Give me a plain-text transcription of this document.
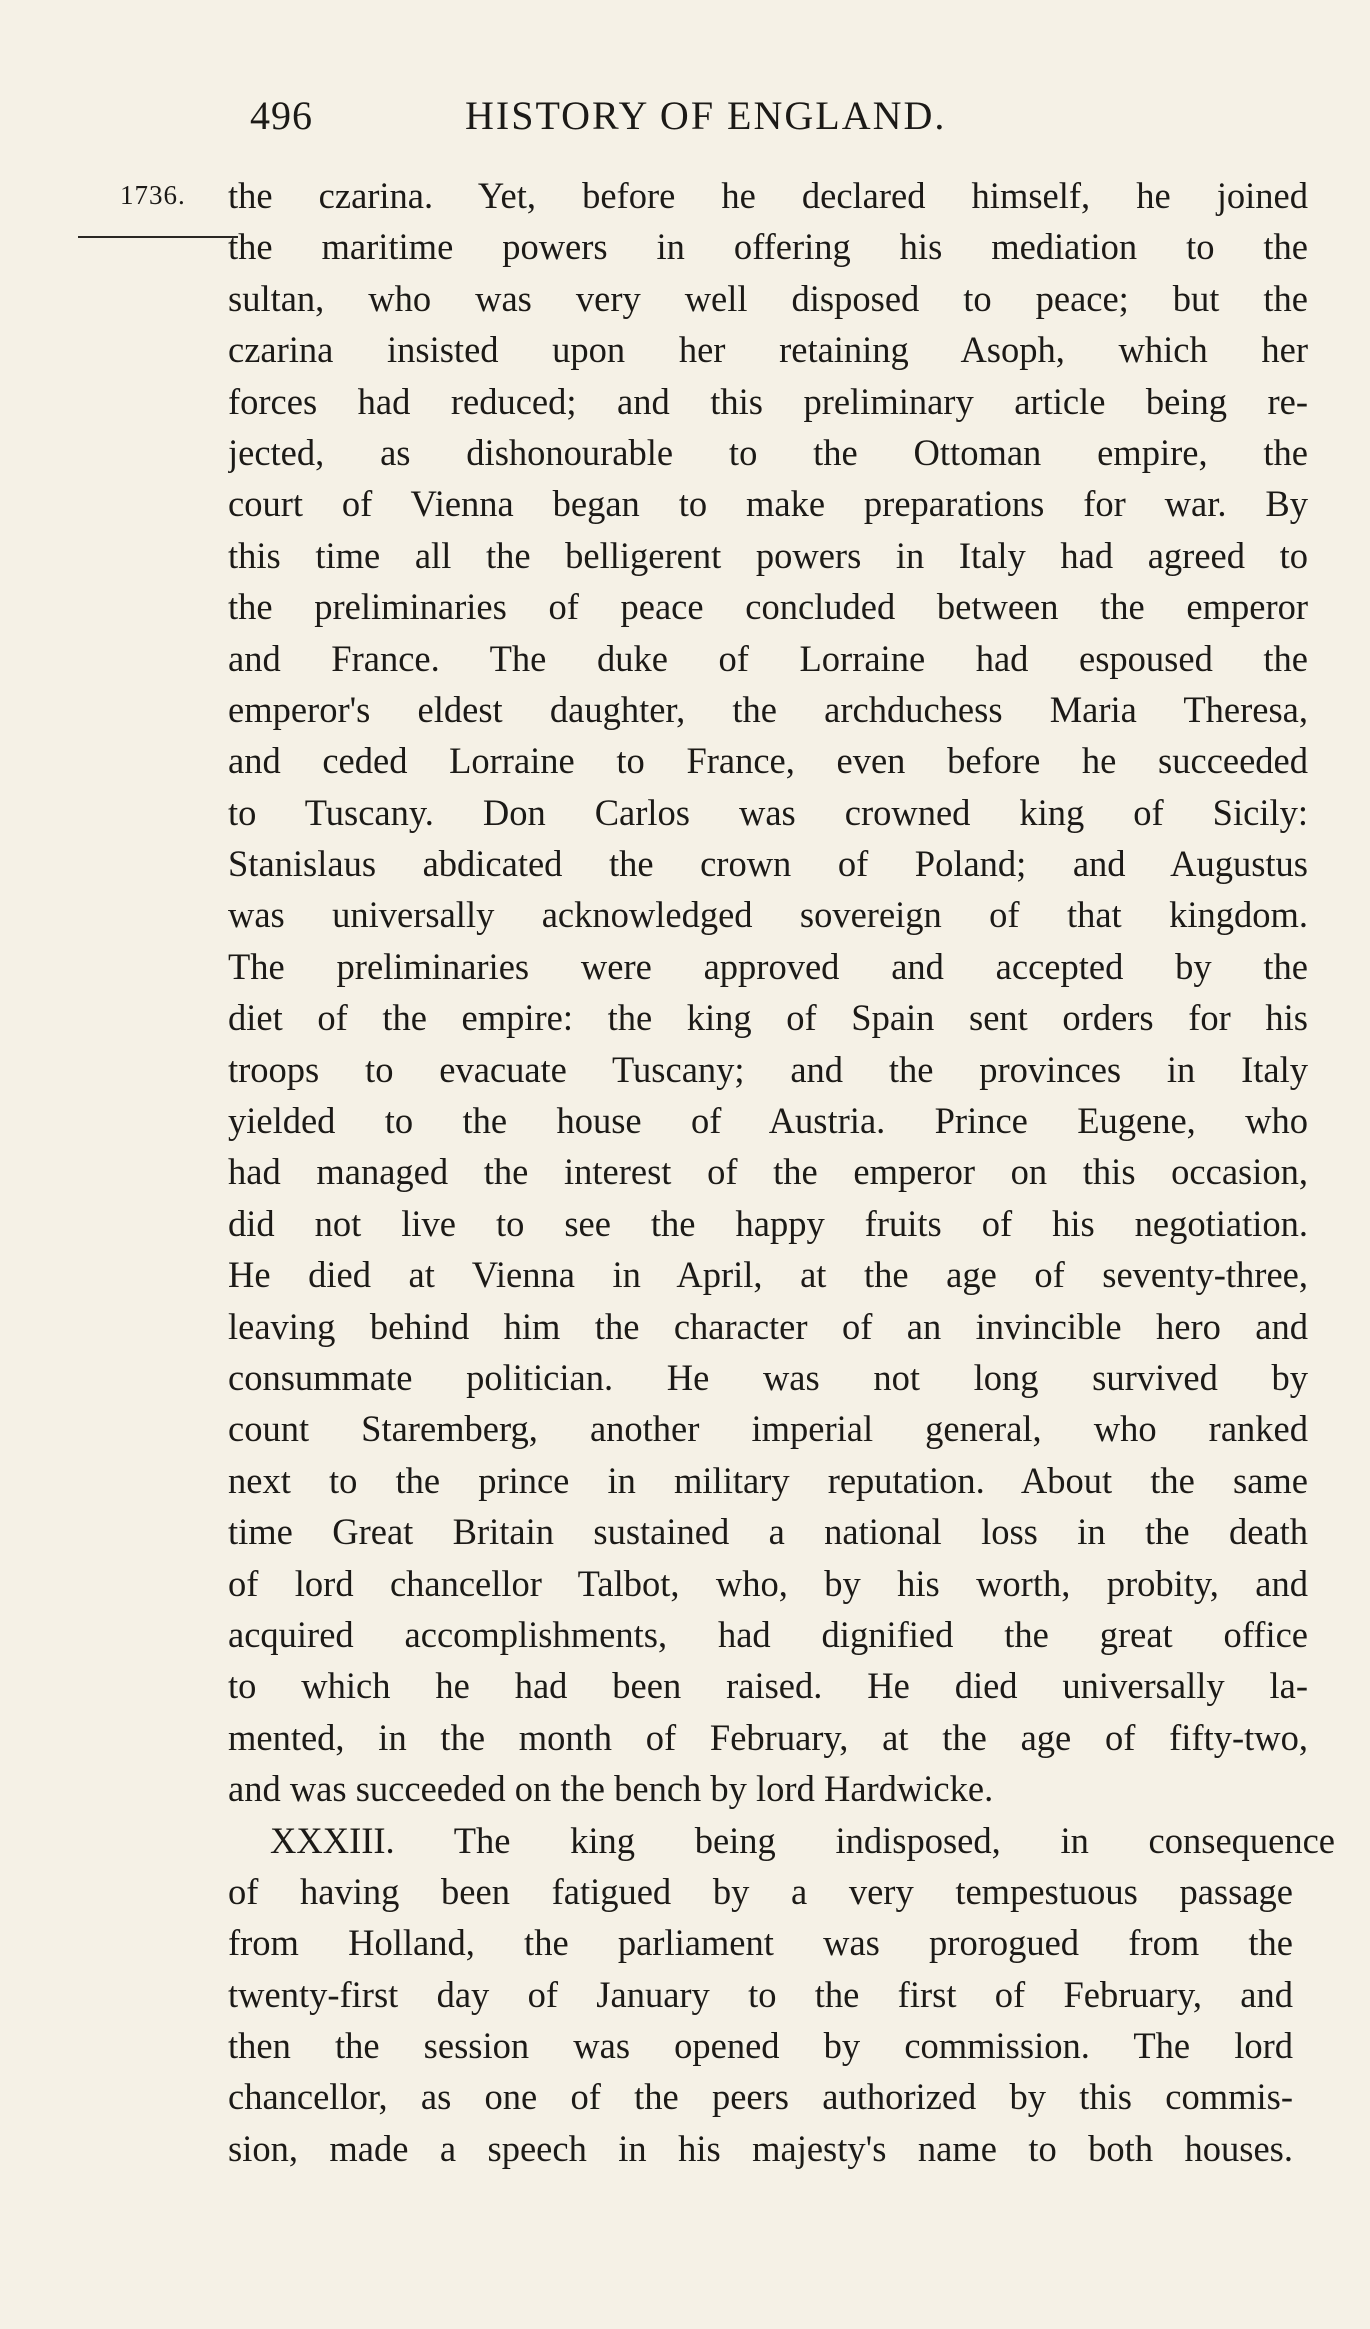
496	HISTORY OF ENGLAND.
1736. the czarina. Yet, before he declared himself, he joined
the maritime powers in offering his mediation to the
sultan, who was very well disposed to peace; but the
czarina insisted upon her retaining Asoph, which her
forces had reduced; and this preliminary article being re-
jected, as dishonourable to the Ottoman empire, the
court of Vienna began to make preparations for war. By
this time all the belligerent powers in Italy had agreed to
the preliminaries of peace concluded between the emperor
and France. The duke of Lorraine had espoused the
emperor's eldest daughter, the archduchess Maria Theresa,
and ceded Lorraine to France, even before he succeeded
to Tuscany. Don Carlos was crowned king of Sicily:
Stanislaus abdicated the crown of Poland; and Augustus
was universally acknowledged sovereign of that kingdom.
The preliminaries were approved and accepted by the
diet of the empire: the king of Spain sent orders for his
troops to evacuate Tuscany; and the provinces in Italy
yielded to the house of Austria. Prince Eugene, who
had managed the interest of the emperor on this occasion,
did not live to see the happy fruits of his negotiation.
He died at Vienna in April, at the age of seventy-three,
leaving behind him the character of an invincible hero and
consummate politician. He was not long survived by
count Staremberg, another imperial general, who ranked
next to the prince in military reputation. About the same
time Great Britain sustained a national loss in the death
of lord chancellor Talbot, who, by his worth, probity, and
acquired accomplishments, had dignified the great office
to which he had been raised. He died universally la-
mented, in the month of February, at the age of fifty-two,
and was succeeded on the bench by lord Hardwicke.
XXXIII. The king being indisposed, in consequence
of having been fatigued by a very tempestuous passage
from Holland, the parliament was prorogued from the
twenty-first day of January to the first of February, and
then the session was opened by commission. The lord
chancellor, as one of the peers authorized by this commis-
sion, made a speech in his majesty's name to both houses.
